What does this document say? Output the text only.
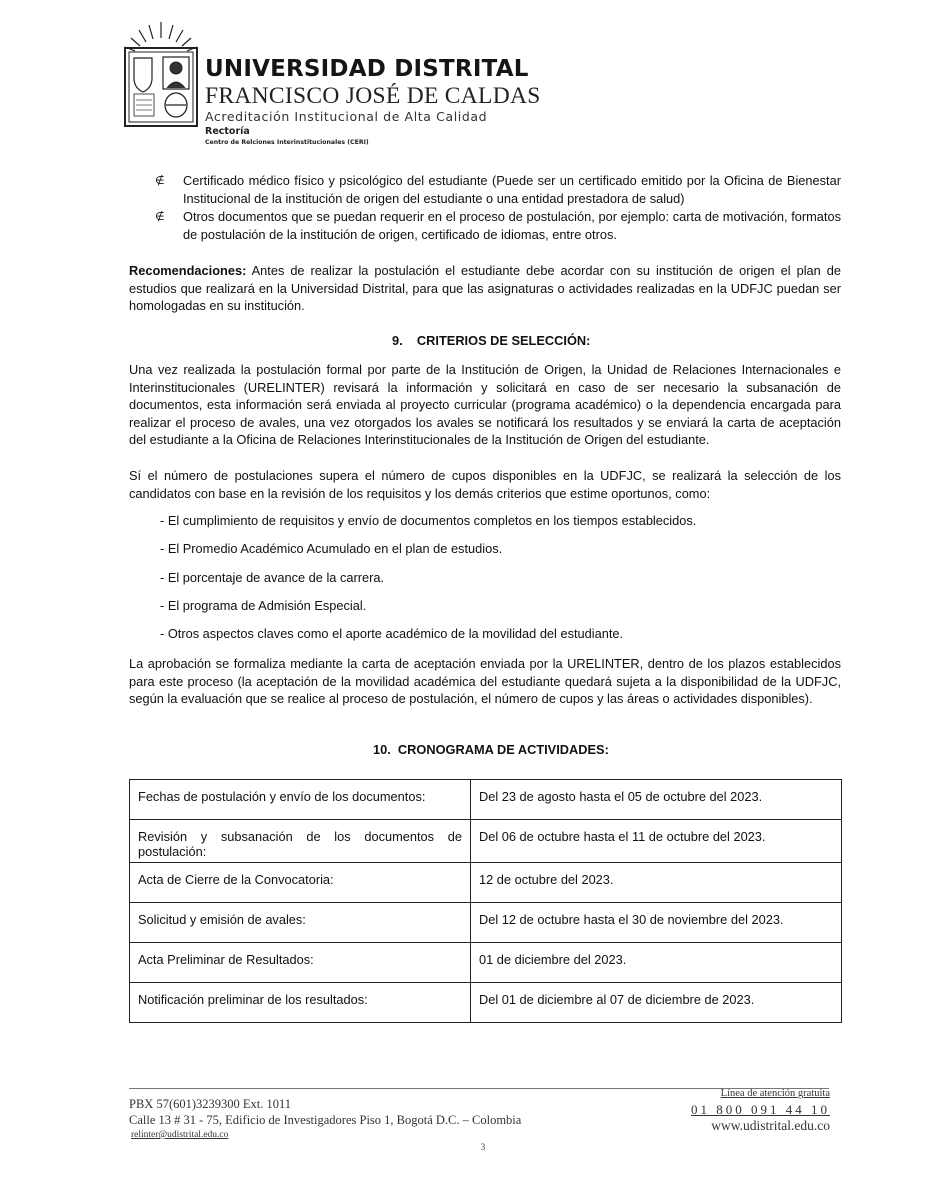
UNIVERSIDAD DISTRITAL
FRANCISCO JOSÉ DE CALDAS
Acreditación Institucional de Alta Calidad
Rectoría
Centro de Relciones Interinstitucionales (CERI)
∉ Certificado médico físico y psicológico del estudiante (Puede ser un certificado emitido por la Oficina de Bienestar Institucional de la institución de origen del estudiante o una entidad prestadora de salud)
∉ Otros documentos que se puedan requerir en el proceso de postulación, por ejemplo: carta de motivación, formatos de postulación de la institución de origen, certificado de idiomas, entre otros.
Recomendaciones: Antes de realizar la postulación el estudiante debe acordar con su institución de origen el plan de estudios que realizará en la Universidad Distrital, para que las asignaturas o actividades realizadas en la UDFJC puedan ser homologadas en su institución.
9. CRITERIOS DE SELECCIÓN:
Una vez realizada la postulación formal por parte de la Institución de Origen, la Unidad de Relaciones Internacionales e Interinstitucionales (URELINTER) revisará la información y solicitará en caso de ser necesario la subsanación de documentos, esta información será enviada al proyecto curricular (programa académico) o la dependencia encargada para realizar el proceso de avales, una vez otorgados los avales se notificará los resultados y se enviará la carta de aceptación del estudiante a la Oficina de Relaciones Interinstitucionales de la Institución de Origen del estudiante.
Sí el número de postulaciones supera el número de cupos disponibles en la UDFJC, se realizará la selección de los candidatos con base en la revisión de los requisitos y los demás criterios que estime oportunos, como:
- El cumplimiento de requisitos y envío de documentos completos en los tiempos establecidos.
- El Promedio Académico Acumulado en el plan de estudios.
- El porcentaje de avance de la carrera.
- El programa de Admisión Especial.
- Otros aspectos claves como el aporte académico de la movilidad del estudiante.
La aprobación se formaliza mediante la carta de aceptación enviada por la URELINTER, dentro de los plazos establecidos para este proceso (la aceptación de la movilidad académica del estudiante quedará sujeta a la disponibilidad de la UDFJC, según la evaluación que se realice al proceso de postulación, el número de cupos y las áreas o actividades disponibles).
10. CRONOGRAMA DE ACTIVIDADES:
Fechas de postulación y envío de los documentos:	Del 23 de agosto hasta el 05 de octubre del 2023.
Revisión y subsanación de los documentos de postulación:	Del 06 de octubre hasta el 11 de octubre del 2023.
Acta de Cierre de la Convocatoria:	12 de octubre del 2023.
Solicitud y emisión de avales:	Del 12 de octubre hasta el 30 de noviembre del 2023.
Acta Preliminar de Resultados:	01 de diciembre del 2023.
Notificación preliminar de los resultados:	Del 01 de diciembre al 07 de diciembre de 2023.
PBX 57(601)3239300 Ext. 1011
Calle 13 # 31 - 75, Edificio de Investigadores Piso 1, Bogotá D.C. – Colombia
relinter@udistrital.edu.co
Línea de atención gratuita
01 800 091 44 10
www.udistrital.edu.co
3
